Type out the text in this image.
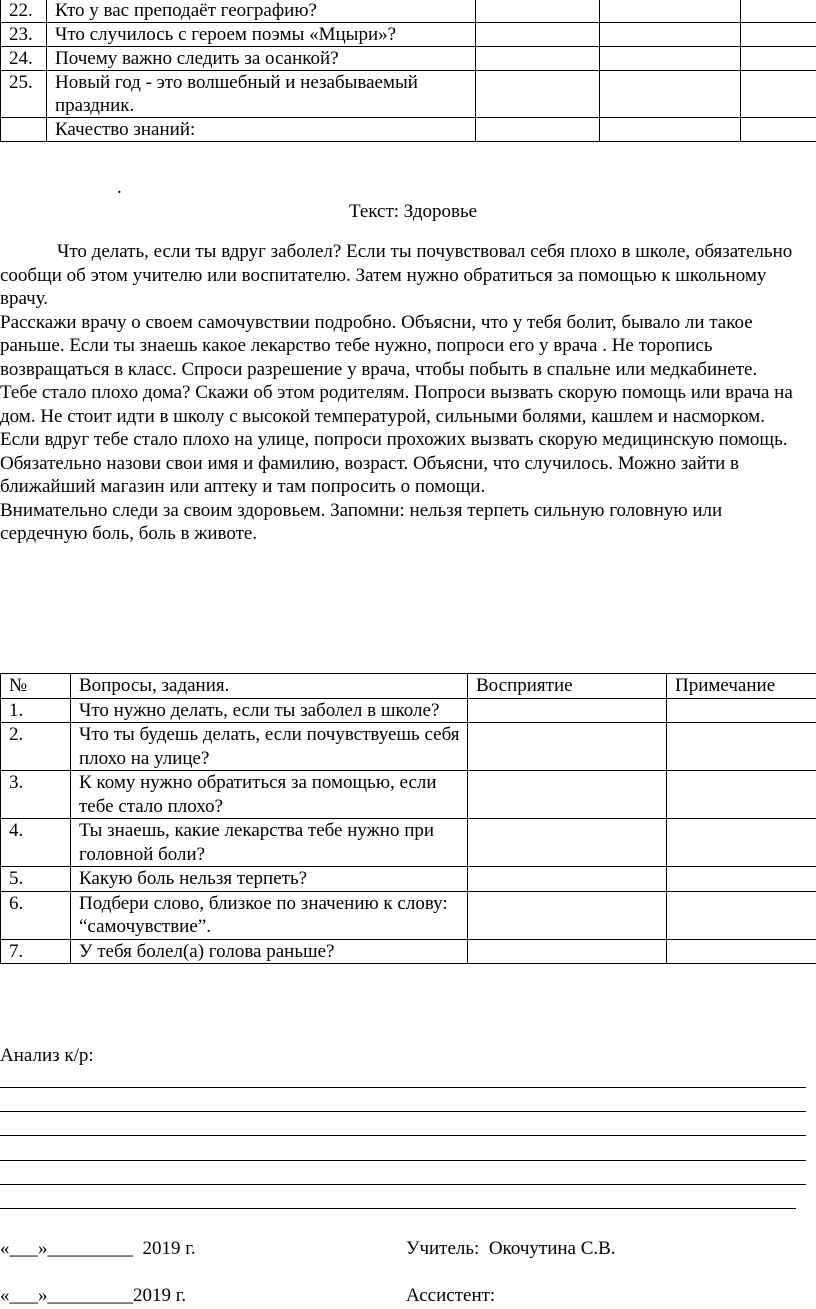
22.	Кто у вас преподаёт географию?			
23.	Что случилось с героем поэмы «Мцыри»?			
24.	Почему важно следить за осанкой?			
25.	Новый год - это волшебный и незабываемый праздник.			
	Качество знаний:			
.
Текст: Здоровье

Что делать, если ты вдруг заболел? Если ты почувствовал себя плохо в школе, обязательно сообщи об этом учителю или воспитателю. Затем нужно обратиться за помощью к школьному врачу.

Расскажи врачу о своем самочувствии подробно. Объясни, что у тебя болит, бывало ли такое раньше. Если ты знаешь какое лекарство тебе нужно, попроси его у врача . Не торопись возвращаться в класс. Спроси разрешение у врача, чтобы побыть в спальне или медкабинете.

Тебе стало плохо дома? Скажи об этом родителям. Попроси вызвать скорую помощь или врача на дом. Не стоит идти в школу с высокой температурой, сильными болями, кашлем и насморком.

Если вдруг тебе стало плохо на улице, попроси прохожих вызвать скорую медицинскую помощь. Обязательно назови свои имя и фамилию, возраст. Объясни, что случилось. Можно зайти в ближайший магазин или аптеку и там попросить о помощи.

Внимательно следи за своим здоровьем. Запомни: нельзя терпеть сильную головную или сердечную боль, боль в животе.

№	Вопросы, задания.	Восприятие	Примечание
1.	Что нужно делать, если ты заболел в школе?		
2.	Что ты будешь делать, если почувствуешь себя плохо на улице?		
3.	К кому нужно обратиться за помощью, если тебе стало плохо?		
4.	Ты знаешь, какие лекарства тебе нужно при головной боли?		
5.	Какую боль нельзя терпеть?		
6.	Подбери слово, близкое по значению к слову: “самочувствие”.		
7.	У тебя болел(а) голова раньше?		
Анализ к/р:
«___»_________  2019 г.	Учитель:  Окочутина С.В.
«___»_________2019 г.	Ассистент:
